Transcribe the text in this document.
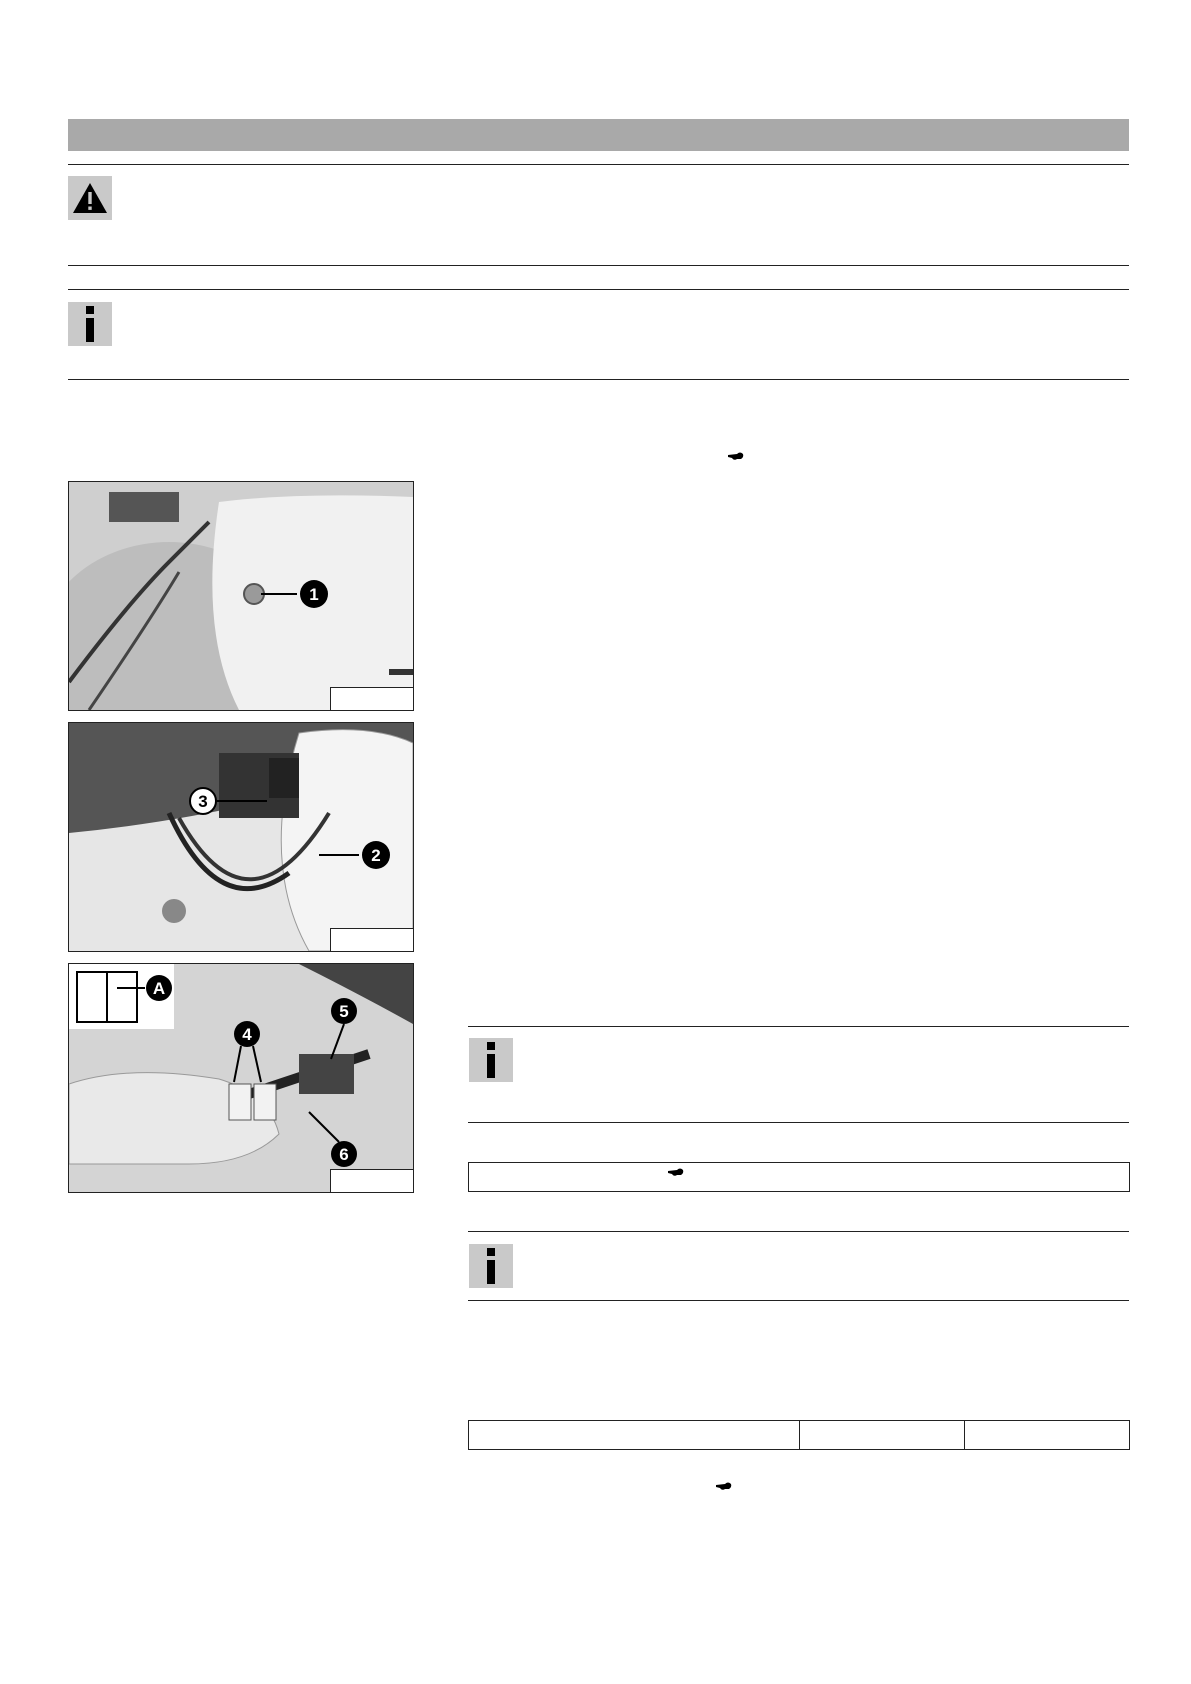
1
3
2
A
4
5
6
